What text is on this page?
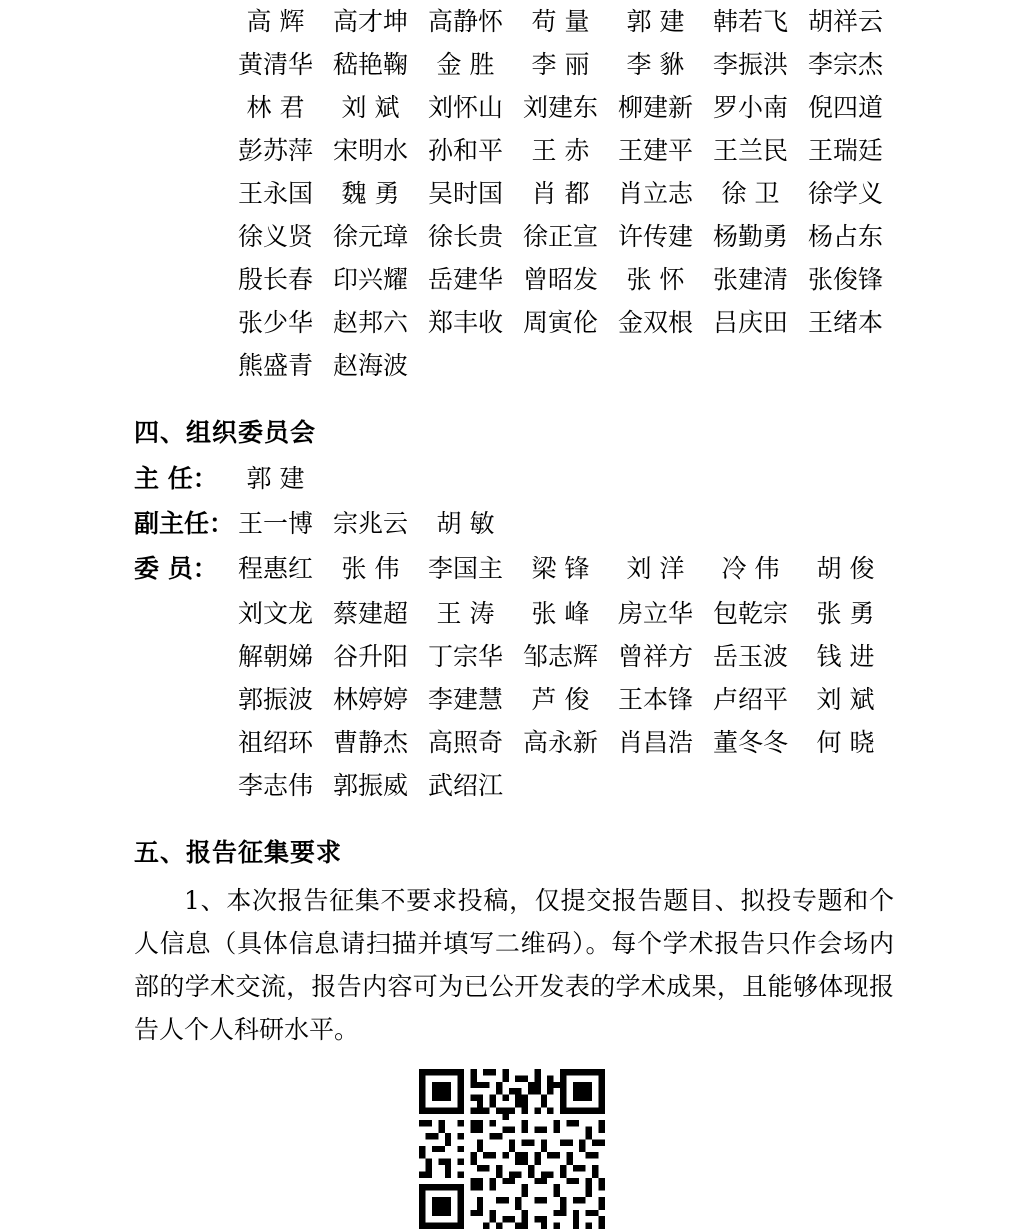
高 辉	高才坤 高静怀	苟 量	郭 建	韩若飞 胡祥云
黄清华 嵇艳鞠	金 胜	李 丽	李 貅	李振洪 李宗杰
林 君	刘 斌	刘怀山 刘建东 柳建新 罗小南 倪四道
彭苏萍 宋明水 孙和平	王 赤	王建平 王兰民 王瑞廷
王永国	魏 勇	吴时国	肖 都	肖立志	徐 卫	徐学义
徐义贤 徐元璋 徐长贵 徐正宣 许传建 杨勤勇 杨占东
殷长春 印兴耀 岳建华 曾昭发	张 怀	张建清 张俊锋
张少华 赵邦六 郑丰收 周寅伦 金双根 吕庆田 王绪本
熊盛青 赵海波
四、组织委员会
主 任：	郭 建
副主任： 王一博 宗兆云	胡 敏
委 员： 程惠红	张 伟	李国主	梁 锋	刘 洋	冷 伟	胡 俊
刘文龙 蔡建超	王 涛	张 峰	房立华 包乾宗	张 勇
解朝娣 谷升阳 丁宗华 邹志辉 曾祥方 岳玉波	钱 进
郭振波 林婷婷 李建慧	芦 俊	王本锋 卢绍平	刘 斌
祖绍环 曹静杰 高照奇 高永新 肖昌浩 董冬冬	何 晓
李志伟 郭振威 武绍江
五、报告征集要求
1、本次报告征集不要求投稿，仅提交报告题目、拟投专题和个人信息（具体信息请扫描并填写二维码）。每个学术报告只作会场内部的学术交流，报告内容可为已公开发表的学术成果，且能够体现报告人个人科研水平。
